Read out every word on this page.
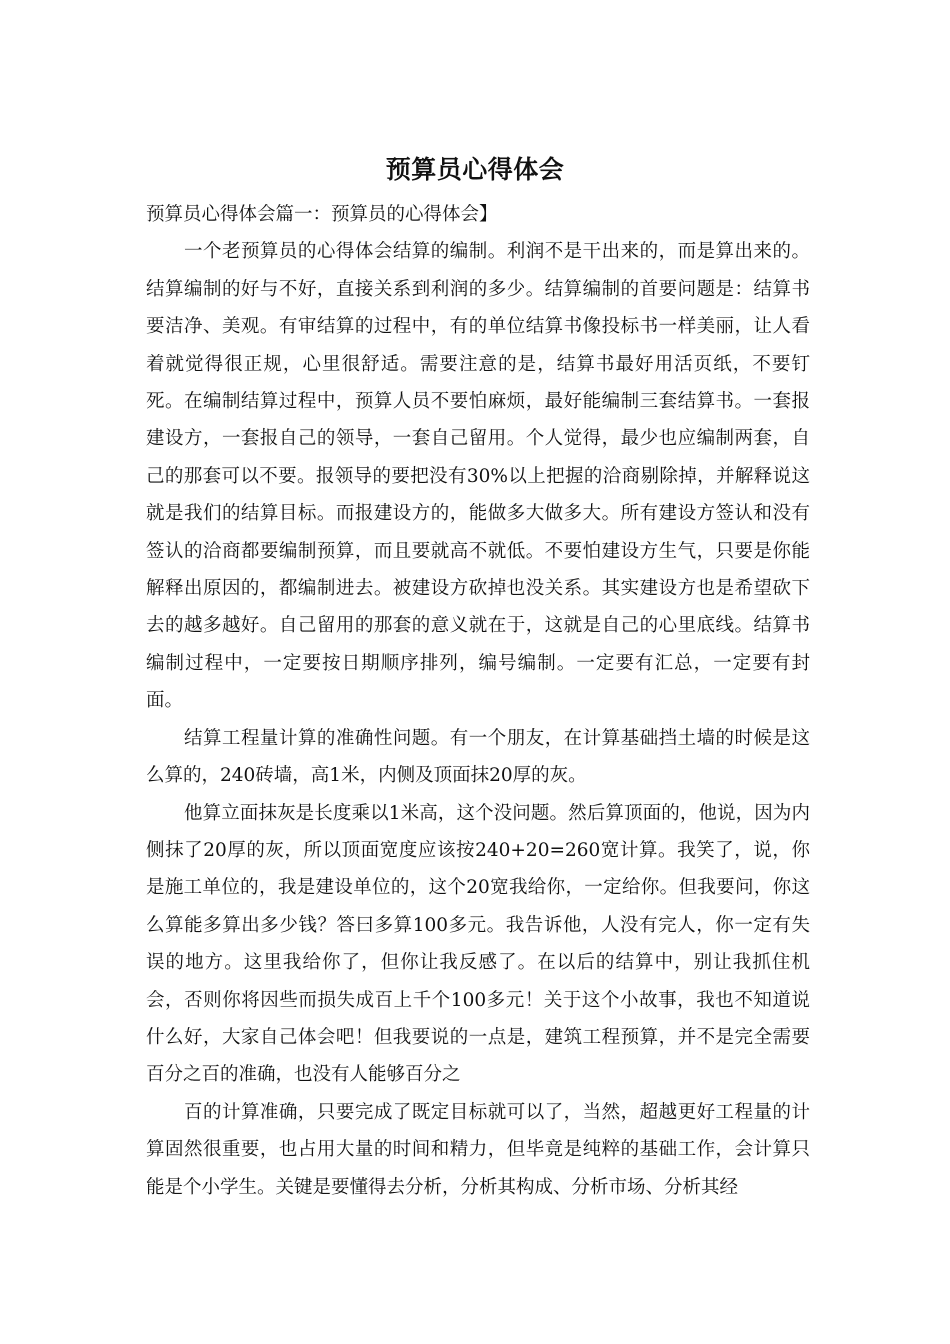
预算员心得体会

预算员心得体会篇一：预算员的心得体会】

一个老预算员的心得体会结算的编制。利润不是干出来的，而是算出来的。结算编制的好与不好，直接关系到利润的多少。结算编制的首要问题是：结算书要洁净、美观。有审结算的过程中，有的单位结算书像投标书一样美丽，让人看着就觉得很正规，心里很舒适。需要注意的是，结算书最好用活页纸，不要钉死。在编制结算过程中，预算人员不要怕麻烦，最好能编制三套结算书。一套报建设方，一套报自己的领导，一套自己留用。个人觉得，最少也应编制两套，自己的那套可以不要。报领导的要把没有30%以上把握的洽商剔除掉，并解释说这就是我们的结算目标。而报建设方的，能做多大做多大。所有建设方签认和没有签认的洽商都要编制预算，而且要就高不就低。不要怕建设方生气，只要是你能解释出原因的，都编制进去。被建设方砍掉也没关系。其实建设方也是希望砍下去的越多越好。自己留用的那套的意义就在于，这就是自己的心里底线。结算书编制过程中，一定要按日期顺序排列，编号编制。一定要有汇总，一定要有封面。

结算工程量计算的准确性问题。有一个朋友，在计算基础挡土墙的时候是这么算的，240砖墙，高1米，内侧及顶面抹20厚的灰。

他算立面抹灰是长度乘以1米高，这个没问题。然后算顶面的，他说，因为内侧抹了20厚的灰，所以顶面宽度应该按240+20=260宽计算。我笑了，说，你是施工单位的，我是建设单位的，这个20宽我给你，一定给你。但我要问，你这么算能多算出多少钱？答曰多算100多元。我告诉他，人没有完人，你一定有失误的地方。这里我给你了，但你让我反感了。在以后的结算中，别让我抓住机会，否则你将因些而损失成百上千个100多元！关于这个小故事，我也不知道说什么好，大家自己体会吧！但我要说的一点是，建筑工程预算，并不是完全需要百分之百的准确，也没有人能够百分之

百的计算准确，只要完成了既定目标就可以了，当然，超越更好工程量的计算固然很重要，也占用大量的时间和精力，但毕竟是纯粹的基础工作，会计算只能是个小学生。关键是要懂得去分析，分析其构成、分析市场、分析其经
